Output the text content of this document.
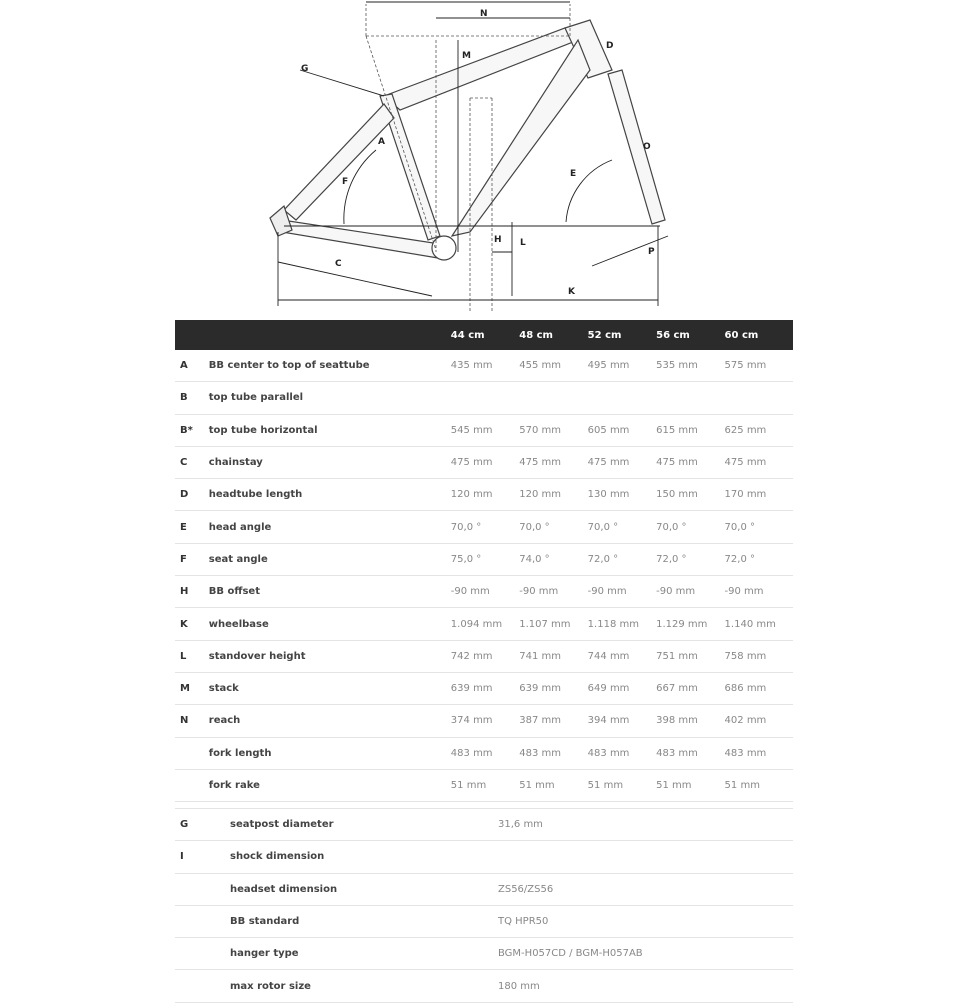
N
M
D
G
A	O
E
F
H L
P
C
K
44 cm	48 cm	52 cm	56 cm	60 cm
A	BB center to top of seattube	435 mm	455 mm	495 mm	535 mm	575 mm
B	top tube parallel
B*	top tube horizontal	545 mm	570 mm	605 mm	615 mm	625 mm
C	chainstay	475 mm	475 mm	475 mm	475 mm	475 mm
D	headtube length	120 mm	120 mm	130 mm	150 mm	170 mm
E	head angle	70,0 °	70,0 °	70,0 °	70,0 °	70,0 °
F	seat angle	75,0 °	74,0 °	72,0 °	72,0 °	72,0 °
H	BB offset	-90 mm	-90 mm	-90 mm	-90 mm	-90 mm
K	wheelbase	1.094 mm	1.107 mm	1.118 mm	1.129 mm	1.140 mm
L	standover height	742 mm	741 mm	744 mm	751 mm	758 mm
M	stack	639 mm	639 mm	649 mm	667 mm	686 mm
N	reach	374 mm	387 mm	394 mm	398 mm	402 mm
fork length	483 mm	483 mm	483 mm	483 mm	483 mm
fork rake	51 mm	51 mm	51 mm	51 mm	51 mm
G	seatpost diameter	31,6 mm
I	shock dimension
headset dimension	ZS56/ZS56
BB standard	TQ HPR50
hanger type	BGM-H057CD / BGM-H057AB
max rotor size	180 mm
